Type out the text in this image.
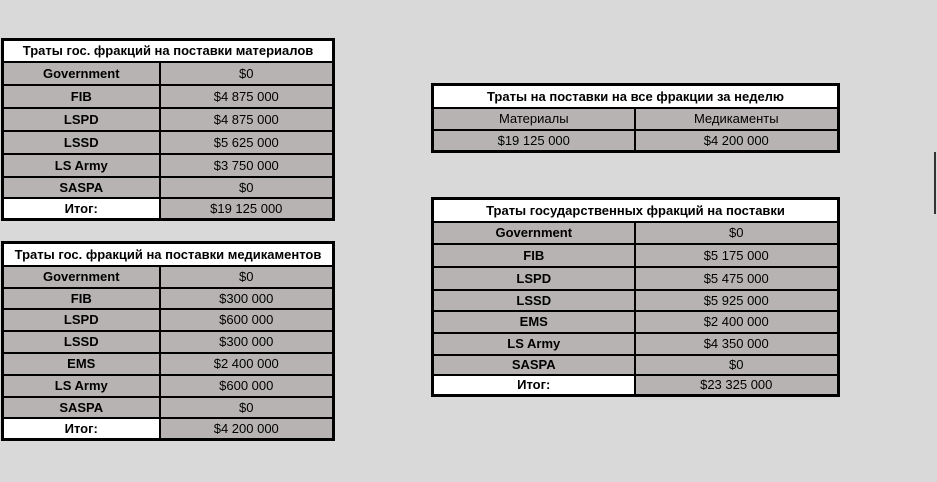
Траты гос. фракций на поставки материалов	
Government	$0
FIB	$4 875 000
LSPD	$4 875 000
LSSD	$5 625 000
LS Army	$3 750 000
SASPA	$0
Итог:	$19 125 000
Траты гос. фракций на поставки медикаментов	
Government	$0
FIB	$300 000
LSPD	$600 000
LSSD	$300 000
EMS	$2 400 000
LS Army	$600 000
SASPA	$0
Итог:	$4 200 000
Траты на поставки на все фракции за неделю	
Материалы	Медикаменты
$19 125 000	$4 200 000
Траты государственных фракций на поставки	
Government	$0
FIB	$5 175 000
LSPD	$5 475 000
LSSD	$5 925 000
EMS	$2 400 000
LS Army	$4 350 000
SASPA	$0
Итог:	$23 325 000
